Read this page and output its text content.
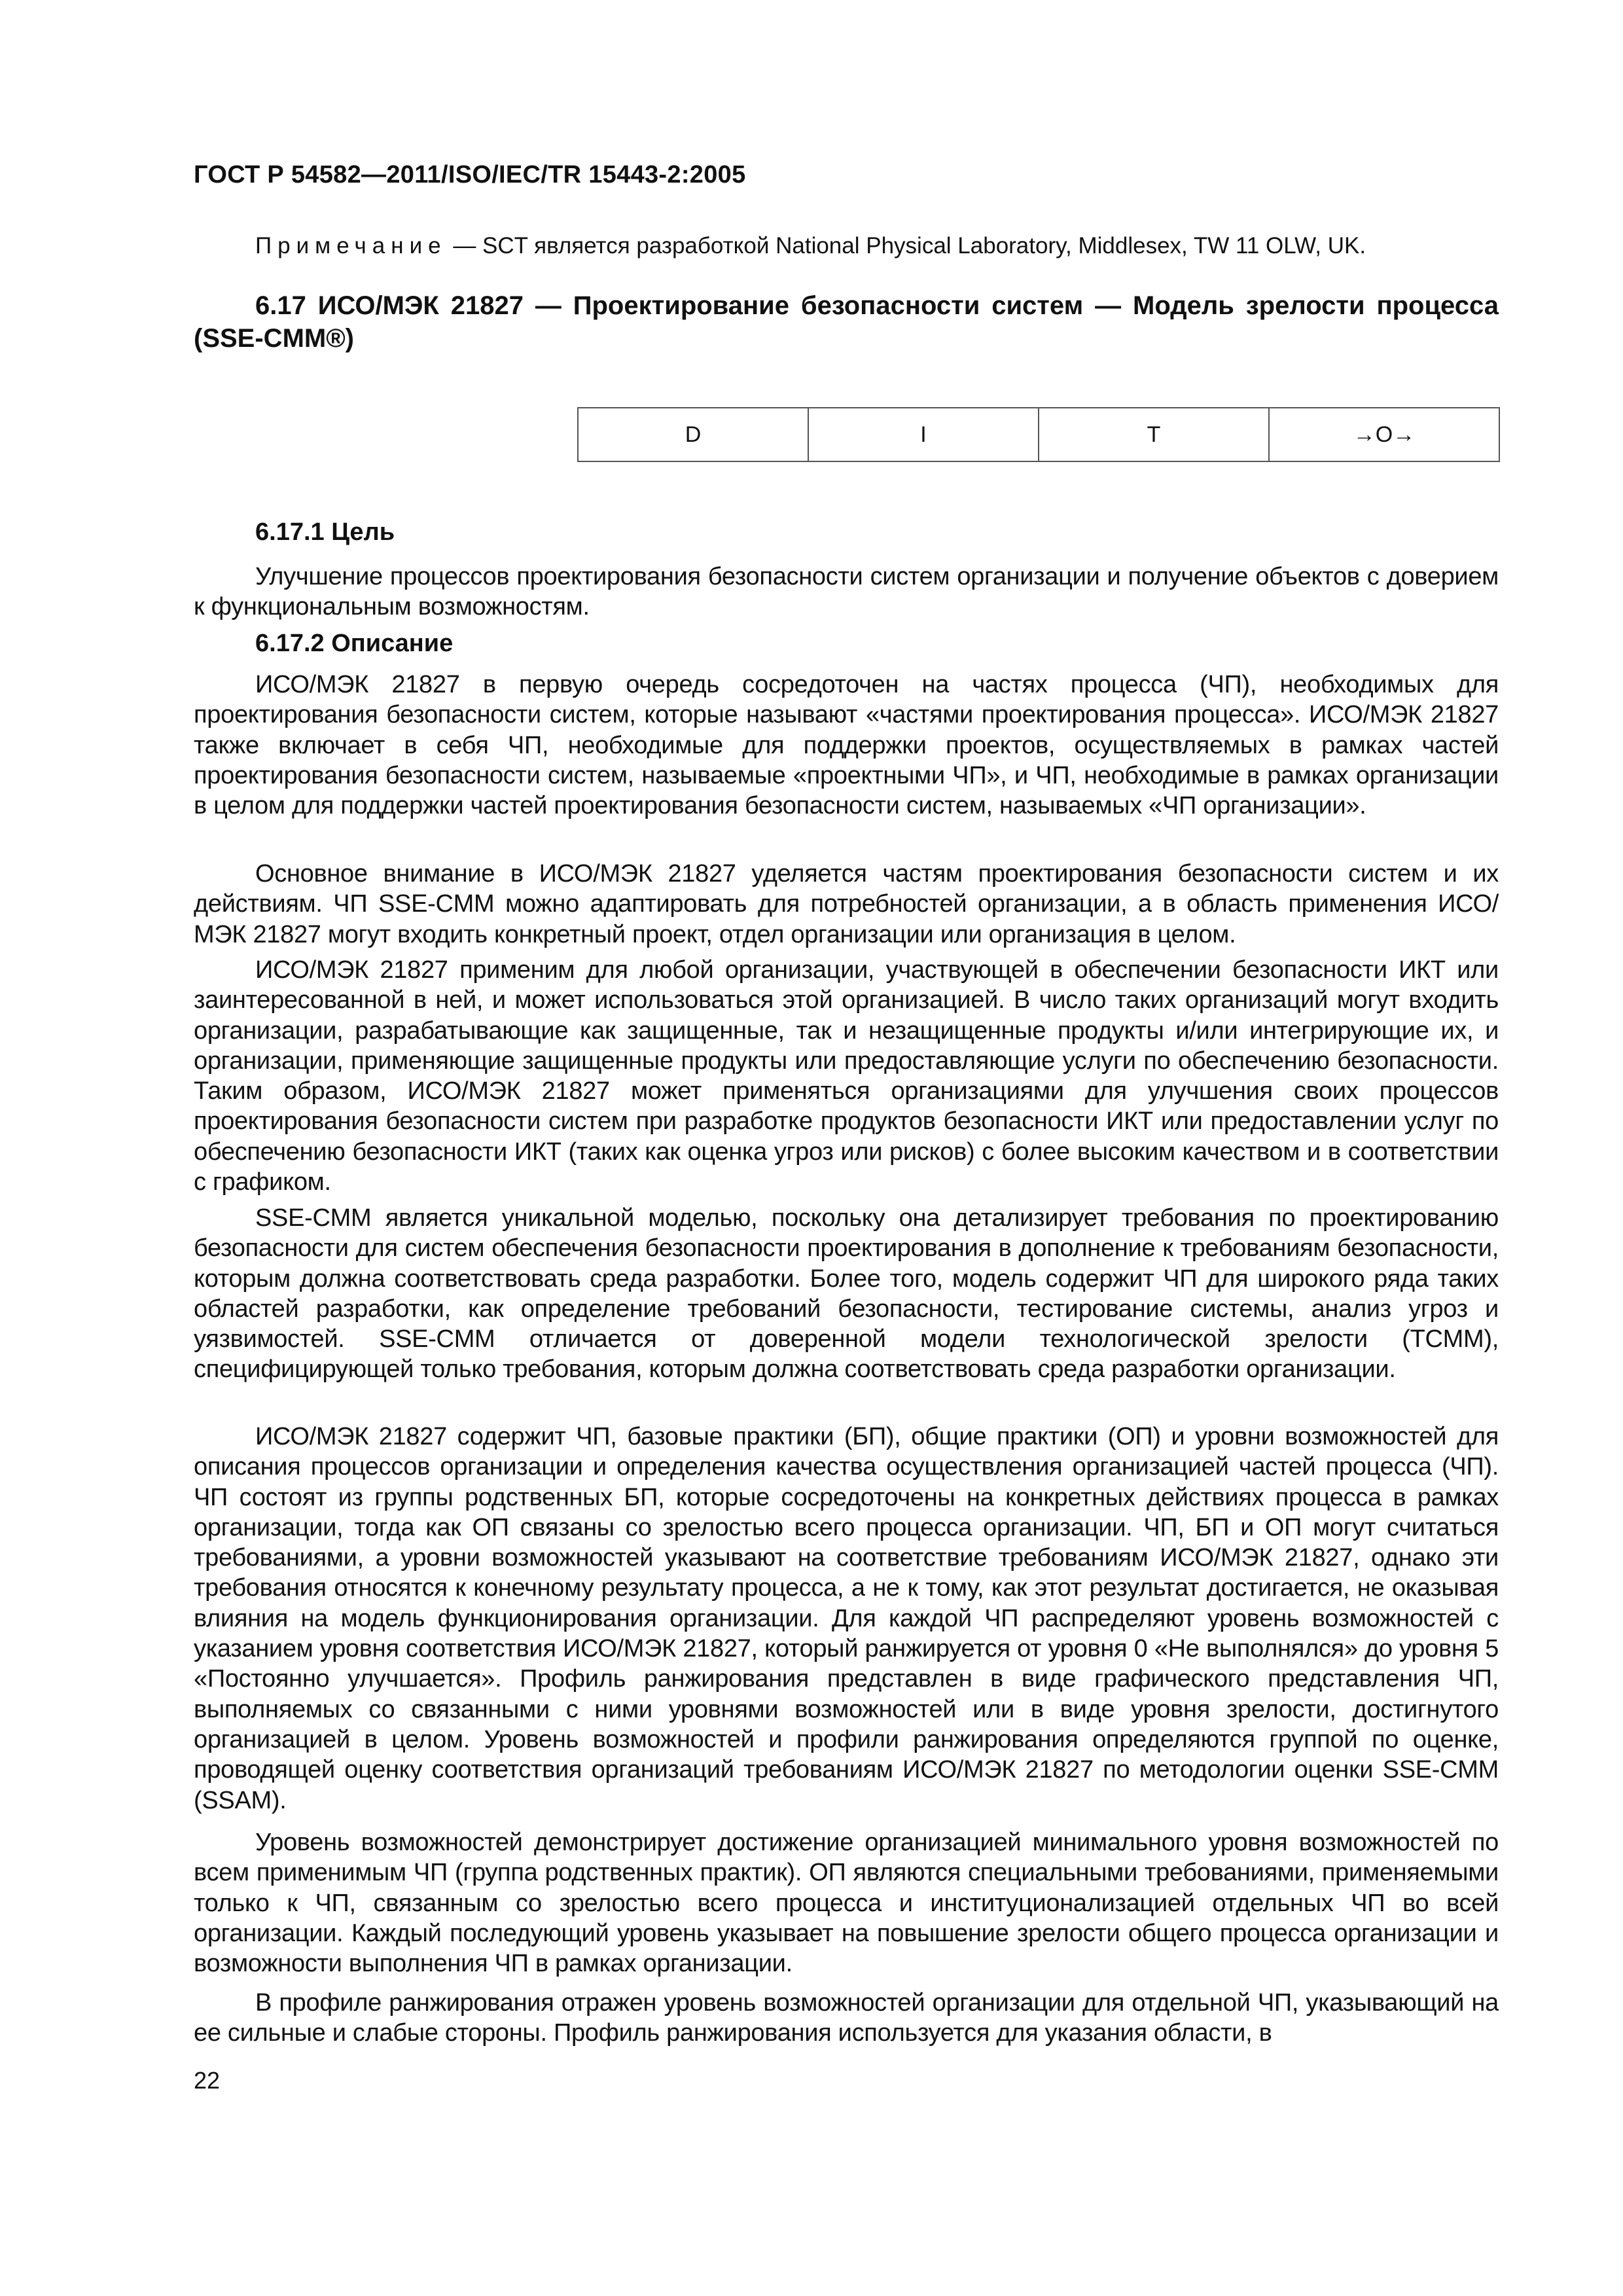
ГОСТ Р 54582—2011/ISO/IEC/TR 15443-2:2005
Примечание — SCT является разработкой National Physical Laboratory, Middlesex, TW 11 OLW, UK.
6.17 ИСО/МЭК 21827 — Проектирование безопасности систем — Модель зрелости процесса (SSE-CMM®)
D	I	T	→O→
6.17.1 Цель
Улучшение процессов проектирования безопасности систем организации и получение объектов с доверием к функциональным возможностям.
6.17.2 Описание
ИСО/МЭК 21827 в первую очередь сосредоточен на частях процесса (ЧП), необходимых для проектирования безопасности систем, которые называют «частями проектирования процесса». ИСО/МЭК 21827 также включает в себя ЧП, необходимые для поддержки проектов, осуществляемых в рамках частей проектирования безопасности систем, называемые «проектными ЧП», и ЧП, необходимые в рамках организации в целом для поддержки частей проектирования безопасности систем, называемых «ЧП организации».
Основное внимание в ИСО/МЭК 21827 уделяется частям проектирования безопасности систем и их действиям. ЧП SSE-CMM можно адаптировать для потребностей организации, а в область применения ИСО/МЭК 21827 могут входить конкретный проект, отдел организации или организация в целом.
ИСО/МЭК 21827 применим для любой организации, участвующей в обеспечении безопасности ИКТ или заинтересованной в ней, и может использоваться этой организацией. В число таких организаций могут входить организации, разрабатывающие как защищенные, так и незащищенные продукты и/или интегрирующие их, и организации, применяющие защищенные продукты или предоставляющие услуги по обеспечению безопасности. Таким образом, ИСО/МЭК 21827 может применяться организациями для улучшения своих процессов проектирования безопасности систем при разработке продуктов безопасности ИКТ или предоставлении услуг по обеспечению безопасности ИКТ (таких как оценка угроз или рисков) с более высоким качеством и в соответствии с графиком.
SSE-CMM является уникальной моделью, поскольку она детализирует требования по проектированию безопасности для систем обеспечения безопасности проектирования в дополнение к требованиям безопасности, которым должна соответствовать среда разработки. Более того, модель содержит ЧП для широкого ряда таких областей разработки, как определение требований безопасности, тестирование системы, анализ угроз и уязвимостей. SSE-CMM отличается от доверенной модели технологической зрелости (TCMM), специфицирующей только требования, которым должна соответствовать среда разработки организации.
ИСО/МЭК 21827 содержит ЧП, базовые практики (БП), общие практики (ОП) и уровни возможностей для описания процессов организации и определения качества осуществления организацией частей процесса (ЧП). ЧП состоят из группы родственных БП, которые сосредоточены на конкретных действиях процесса в рамках организации, тогда как ОП связаны со зрелостью всего процесса организации. ЧП, БП и ОП могут считаться требованиями, а уровни возможностей указывают на соответствие требованиям ИСО/МЭК 21827, однако эти требования относятся к конечному результату процесса, а не к тому, как этот результат достигается, не оказывая влияния на модель функционирования организации. Для каждой ЧП распределяют уровень возможностей с указанием уровня соответствия ИСО/МЭК 21827, который ранжируется от уровня 0 «Не выполнялся» до уровня 5 «Постоянно улучшается». Профиль ранжирования представлен в виде графического представления ЧП, выполняемых со связанными с ними уровнями возможностей или в виде уровня зрелости, достигнутого организацией в целом. Уровень возможностей и профили ранжирования определяются группой по оценке, проводящей оценку соответствия организаций требованиям ИСО/МЭК 21827 по методологии оценки SSE-CMM (SSAM).
Уровень возможностей демонстрирует достижение организацией минимального уровня возможностей по всем применимым ЧП (группа родственных практик). ОП являются специальными требованиями, применяемыми только к ЧП, связанным со зрелостью всего процесса и институционализацией отдельных ЧП во всей организации. Каждый последующий уровень указывает на повышение зрелости общего процесса организации и возможности выполнения ЧП в рамках организации.
В профиле ранжирования отражен уровень возможностей организации для отдельной ЧП, указывающий на ее сильные и слабые стороны. Профиль ранжирования используется для указания области, в
22
